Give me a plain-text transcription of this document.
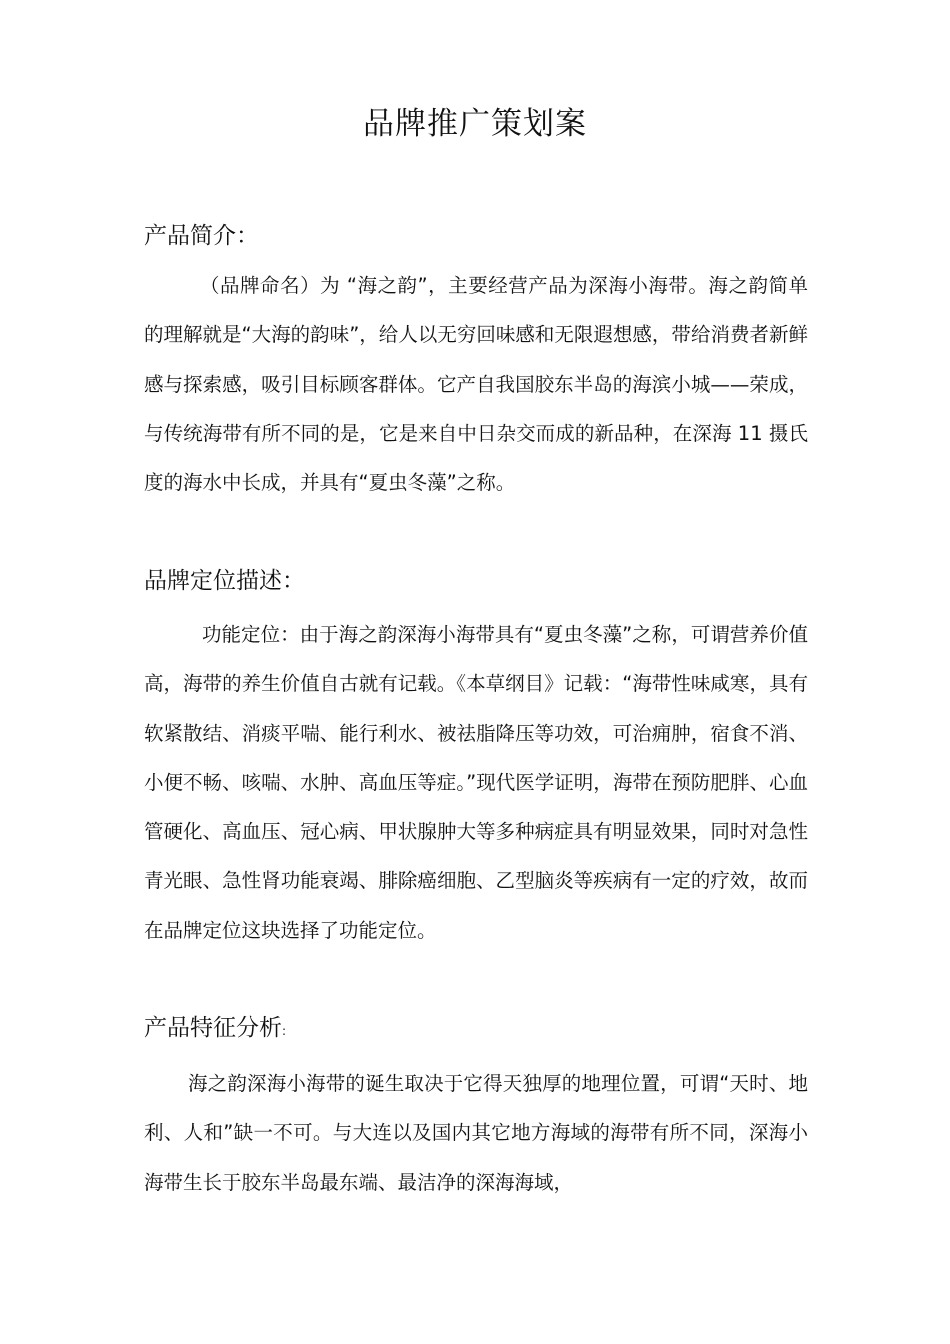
品牌推广策划案
产品简介：
（品牌命名）为 “海之韵”，主要经营产品为深海小海带。海之韵简单的理解就是“大海的韵味”，给人以无穷回味感和无限遐想感，带给消费者新鲜感与探索感，吸引目标顾客群体。它产自我国胶东半岛的海滨小城——荣成，与传统海带有所不同的是，它是来自中日杂交而成的新品种，在深海 11 摄氏度的海水中长成，并具有“夏虫冬藻”之称。
品牌定位描述：
功能定位：由于海之韵深海小海带具有“夏虫冬藻”之称，可谓营养价值高，海带的养生价值自古就有记载。《本草纲目》记载：“海带性味咸寒，具有软紧散结、消痰平喘、能行利水、被祛脂降压等功效，可治痈肿，宿食不消、小便不畅、咳喘、水肿、高血压等症。”现代医学证明，海带在预防肥胖、心血管硬化、高血压、冠心病、甲状腺肿大等多种病症具有明显效果，同时对急性青光眼、急性肾功能衰竭、腓除癌细胞、乙型脑炎等疾病有一定的疗效，故而在品牌定位这块选择了功能定位。
产品特征分析:
海之韵深海小海带的诞生取决于它得天独厚的地理位置，可谓“天时、地利、人和”缺一不可。与大连以及国内其它地方海域的海带有所不同，深海小海带生长于胶东半岛最东端、最洁净的深海海域，
